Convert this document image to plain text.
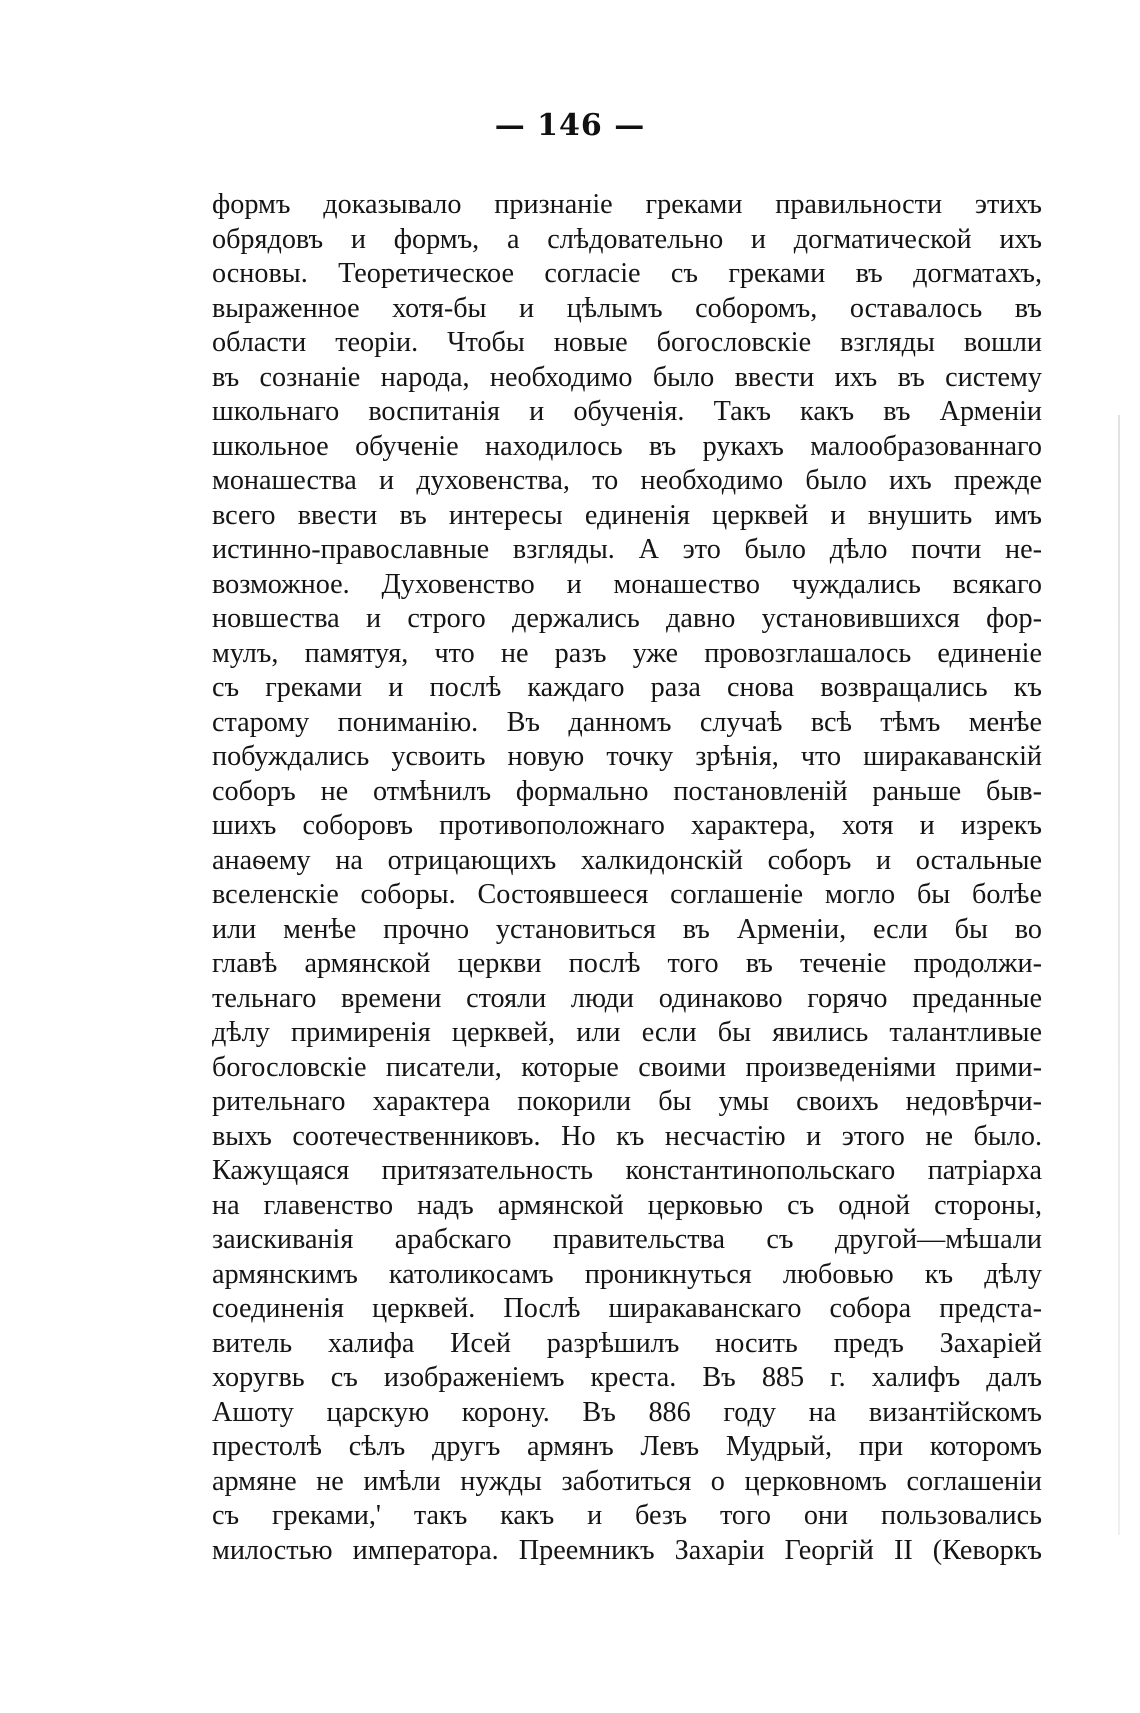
— 146 —
формъ доказывало признаніе греками правильности этихъ
обрядовъ и формъ, а слѣдовательно и догматической ихъ
основы. Теоретическое согласіе съ греками въ догматахъ,
выраженное хотя-бы и цѣлымъ соборомъ, оставалось въ
области теоріи. Чтобы новые богословскіе взгляды вошли
въ сознаніе народа, необходимо было ввести ихъ въ систему
школьнаго воспитанія и обученія. Такъ какъ въ Арменіи
школьное обученіе находилось въ рукахъ малообразованнаго
монашества и духовенства, то необходимо было ихъ прежде
всего ввести въ интересы единенія церквей и внушить имъ
истинно-православные взгляды. А это было дѣло почти не-
возможное. Духовенство и монашество чуждались всякаго
новшества и строго держались давно установившихся фор-
мулъ, памятуя, что не разъ уже провозглашалось единеніе
съ греками и послѣ каждаго раза снова возвращались къ
старому пониманію. Въ данномъ случаѣ всѣ тѣмъ менѣе
побуждались усвоить новую точку зрѣнія, что ширакаванскій
соборъ не отмѣнилъ формально постановленій раньше быв-
шихъ соборовъ противоположнаго характера, хотя и изрекъ
анаѳему на отрицающихъ халкидонскій соборъ и остальные
вселенскіе соборы. Состоявшееся соглашеніе могло бы болѣе
или менѣе прочно установиться въ Арменіи, если бы во
главѣ армянской церкви послѣ того въ теченіе продолжи-
тельнаго времени стояли люди одинаково горячо преданные
дѣлу примиренія церквей, или если бы явились талантливые
богословскіе писатели, которые своими произведеніями прими-
рительнаго характера покорили бы умы своихъ недовѣрчи-
выхъ соотечественниковъ. Но къ несчастію и этого не было.
Кажущаяся притязательность константинопольскаго патріарха
на главенство надъ армянской церковью съ одной стороны,
заискиванія арабскаго правительства съ другой—мѣшали
армянскимъ католикосамъ проникнуться любовью къ дѣлу
соединенія церквей. Послѣ ширакаванскаго собора предста-
витель халифа Исей разрѣшилъ носить предъ Захаріей
хоругвь съ изображеніемъ креста. Въ 885 г. халифъ далъ
Ашоту царскую корону. Въ 886 году на византійскомъ
престолѣ сѣлъ другъ армянъ Левъ Мудрый, при которомъ
армяне не имѣли нужды заботиться о церковномъ соглашеніи
съ греками,' такъ какъ и безъ того они пользовались
милостью императора. Преемникъ Захаріи Георгій II (Кеворкъ
